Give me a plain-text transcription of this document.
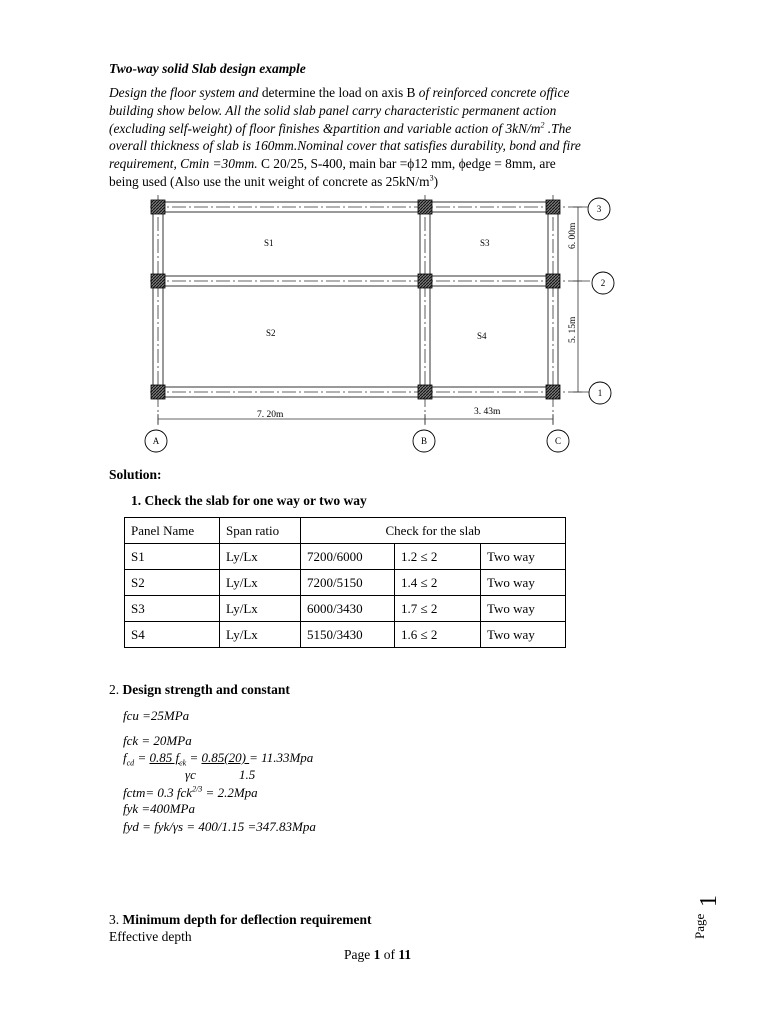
Two-way solid Slab design example
Design the floor system and determine the load on axis B of reinforced concrete office
building show below. All the solid slab panel carry characteristic permanent action
(excluding self-weight) of floor finishes &partition and variable action of $3kN/m^2$ .The
overall thickness of slab is 160mm.Nominal cover that satisfies durability, bond and fire
requirement, Cmin =30mm. C 20/25, S-400, main bar =ϕ12 mm, ϕedge = 8mm, are
being used (Also use the unit weight of concrete as $25kN/m^3$)
S1	S3
S2	S4
7. 20m	3. 43m
6. 00m
5. 15m
A	B	C
3
2
1
Solution:
1. Check the slab for one way or two way
Panel Name	Span ratio	Check for the slab		
S1	Ly/Lx	7200/6000	1.2 ≤ 2	Two way
S2	Ly/Lx	7200/5150	1.4 ≤ 2	Two way
S3	Ly/Lx	6000/3430	1.7 ≤ 2	Two way
S4	Ly/Lx	5150/3430	1.6 ≤ 2	Two way
2. Design strength and constant
fcu =25MPa
fck = 20MPa
$f_{cd} = 0.85$ $f_{ck} = 0.85(20) = 11.33Mpa$
γc	1.5
fctm= 0.3 fck$^{2/3}$ = 2.2Mpa
fyk =400MPa
fyd = fyk/γs = 400/1.15 =347.83Mpa
3. Minimum depth for deflection requirement
Effective depth
Page 1 of 11
Page
1
